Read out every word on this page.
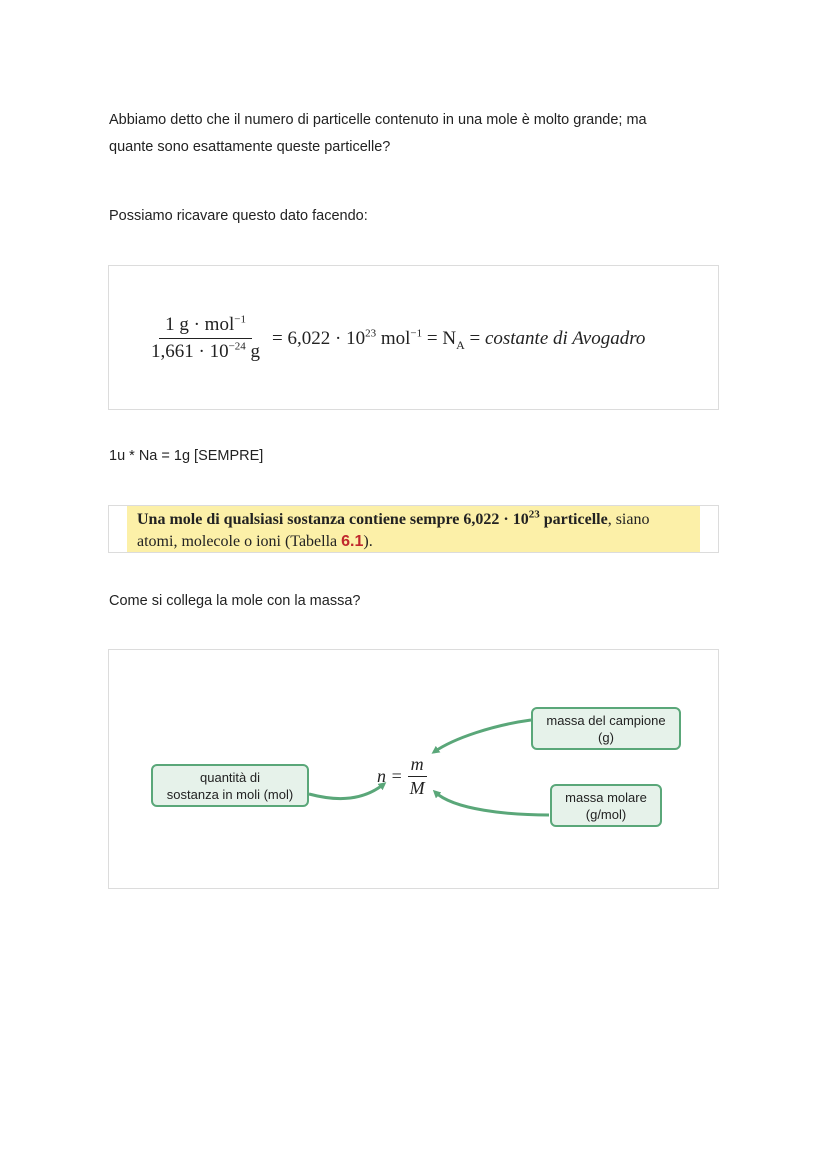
Abbiamo detto che il numero di particelle contenuto in una mole è molto grande; ma
quante sono esattamente queste particelle?

Possiamo ricavare questo dato facendo:

$\frac{1 g \cdot mol^{-1}}{1,661 \cdot 10^{-24} g} = 6,022 \cdot 10^{23}$ $mol^{-1} = N_A$ = costante di Avogadro

1u * Na = 1g [SEMPRE]

Una mole di qualsiasi sostanza contiene sempre $6,022 \cdot 10^{23}$ particelle, siano
atomi, molecole o ioni (Tabella 6.1).

Come si collega la mole con la massa?

quantità di
sostanza in moli (mol)
massa del campione
(g)
massa molare
(g/mol)
$n = \frac{m}{M}$
